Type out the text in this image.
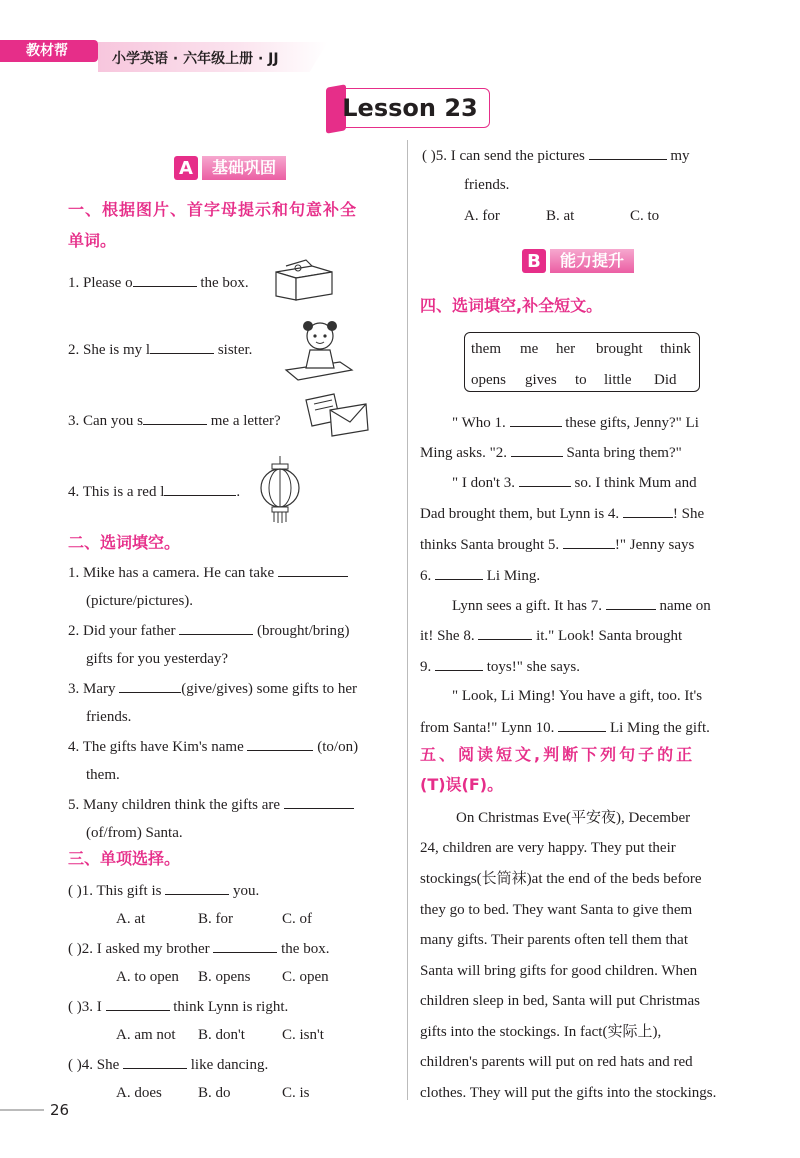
教材帮	小学英语 · 六年级上册 · JJ
Lesson 23
A	基础巩固
一、根据图片、首字母提示和句意补全
单词。
1. Please o	the box.
2. She is my l	sister.
3. Can you s	me a letter?
4. This is a red l	.
二、选词填空。
1. Mike has a camera. He can take
(picture/pictures).
2. Did your father	(brought/bring)
gifts for you yesterday?
3. Mary	(give/gives) some gifts to her
friends.
4. The gifts have Kim's name	(to/on)
them.
5. Many children think the gifts are
(of/from) Santa.
三、单项选择。
( )1. This gift is	you.
A. at	B. for	C. of
( )2. I asked my brother	the box.
A. to open B. opens C. open
( )3. I	think Lynn is right.
A. am not B. don't C. isn't
( )4. She	like dancing.
A. does B. do	C. is
( )5. I can send the pictures	my
friends.
A. for	B. at	C. to
B	能力提升
四、选词填空,补全短文。
them me her brought think
opens gives to little Did
" Who 1.	these gifts, Jenny?" Li
Ming asks. "2.	Santa bring them?"
" I don't 3.	so. I think Mum and
Dad brought them, but Lynn is 4.	! She
thinks Santa brought 5.	!" Jenny says
6.	Li Ming.
Lynn sees a gift. It has 7.	name on
it! She 8.	it." Look! Santa brought
9.	toys!" she says.
" Look, Li Ming! You have a gift, too. It's
from Santa!" Lynn 10.	Li Ming the gift.
五、阅读短文,判断下列句子的正
(T)误(F)。
On Christmas Eve(平安夜), December
24, children are very happy. They put their
stockings(长筒袜)at the end of the beds before
they go to bed. They want Santa to give them
many gifts. Their parents often tell them that
Santa will bring gifts for good children. When
children sleep in bed, Santa will put Christmas
gifts into the stockings. In fact(实际上),
children's parents will put on red hats and red
clothes. They will put the gifts into the stockings.
26
